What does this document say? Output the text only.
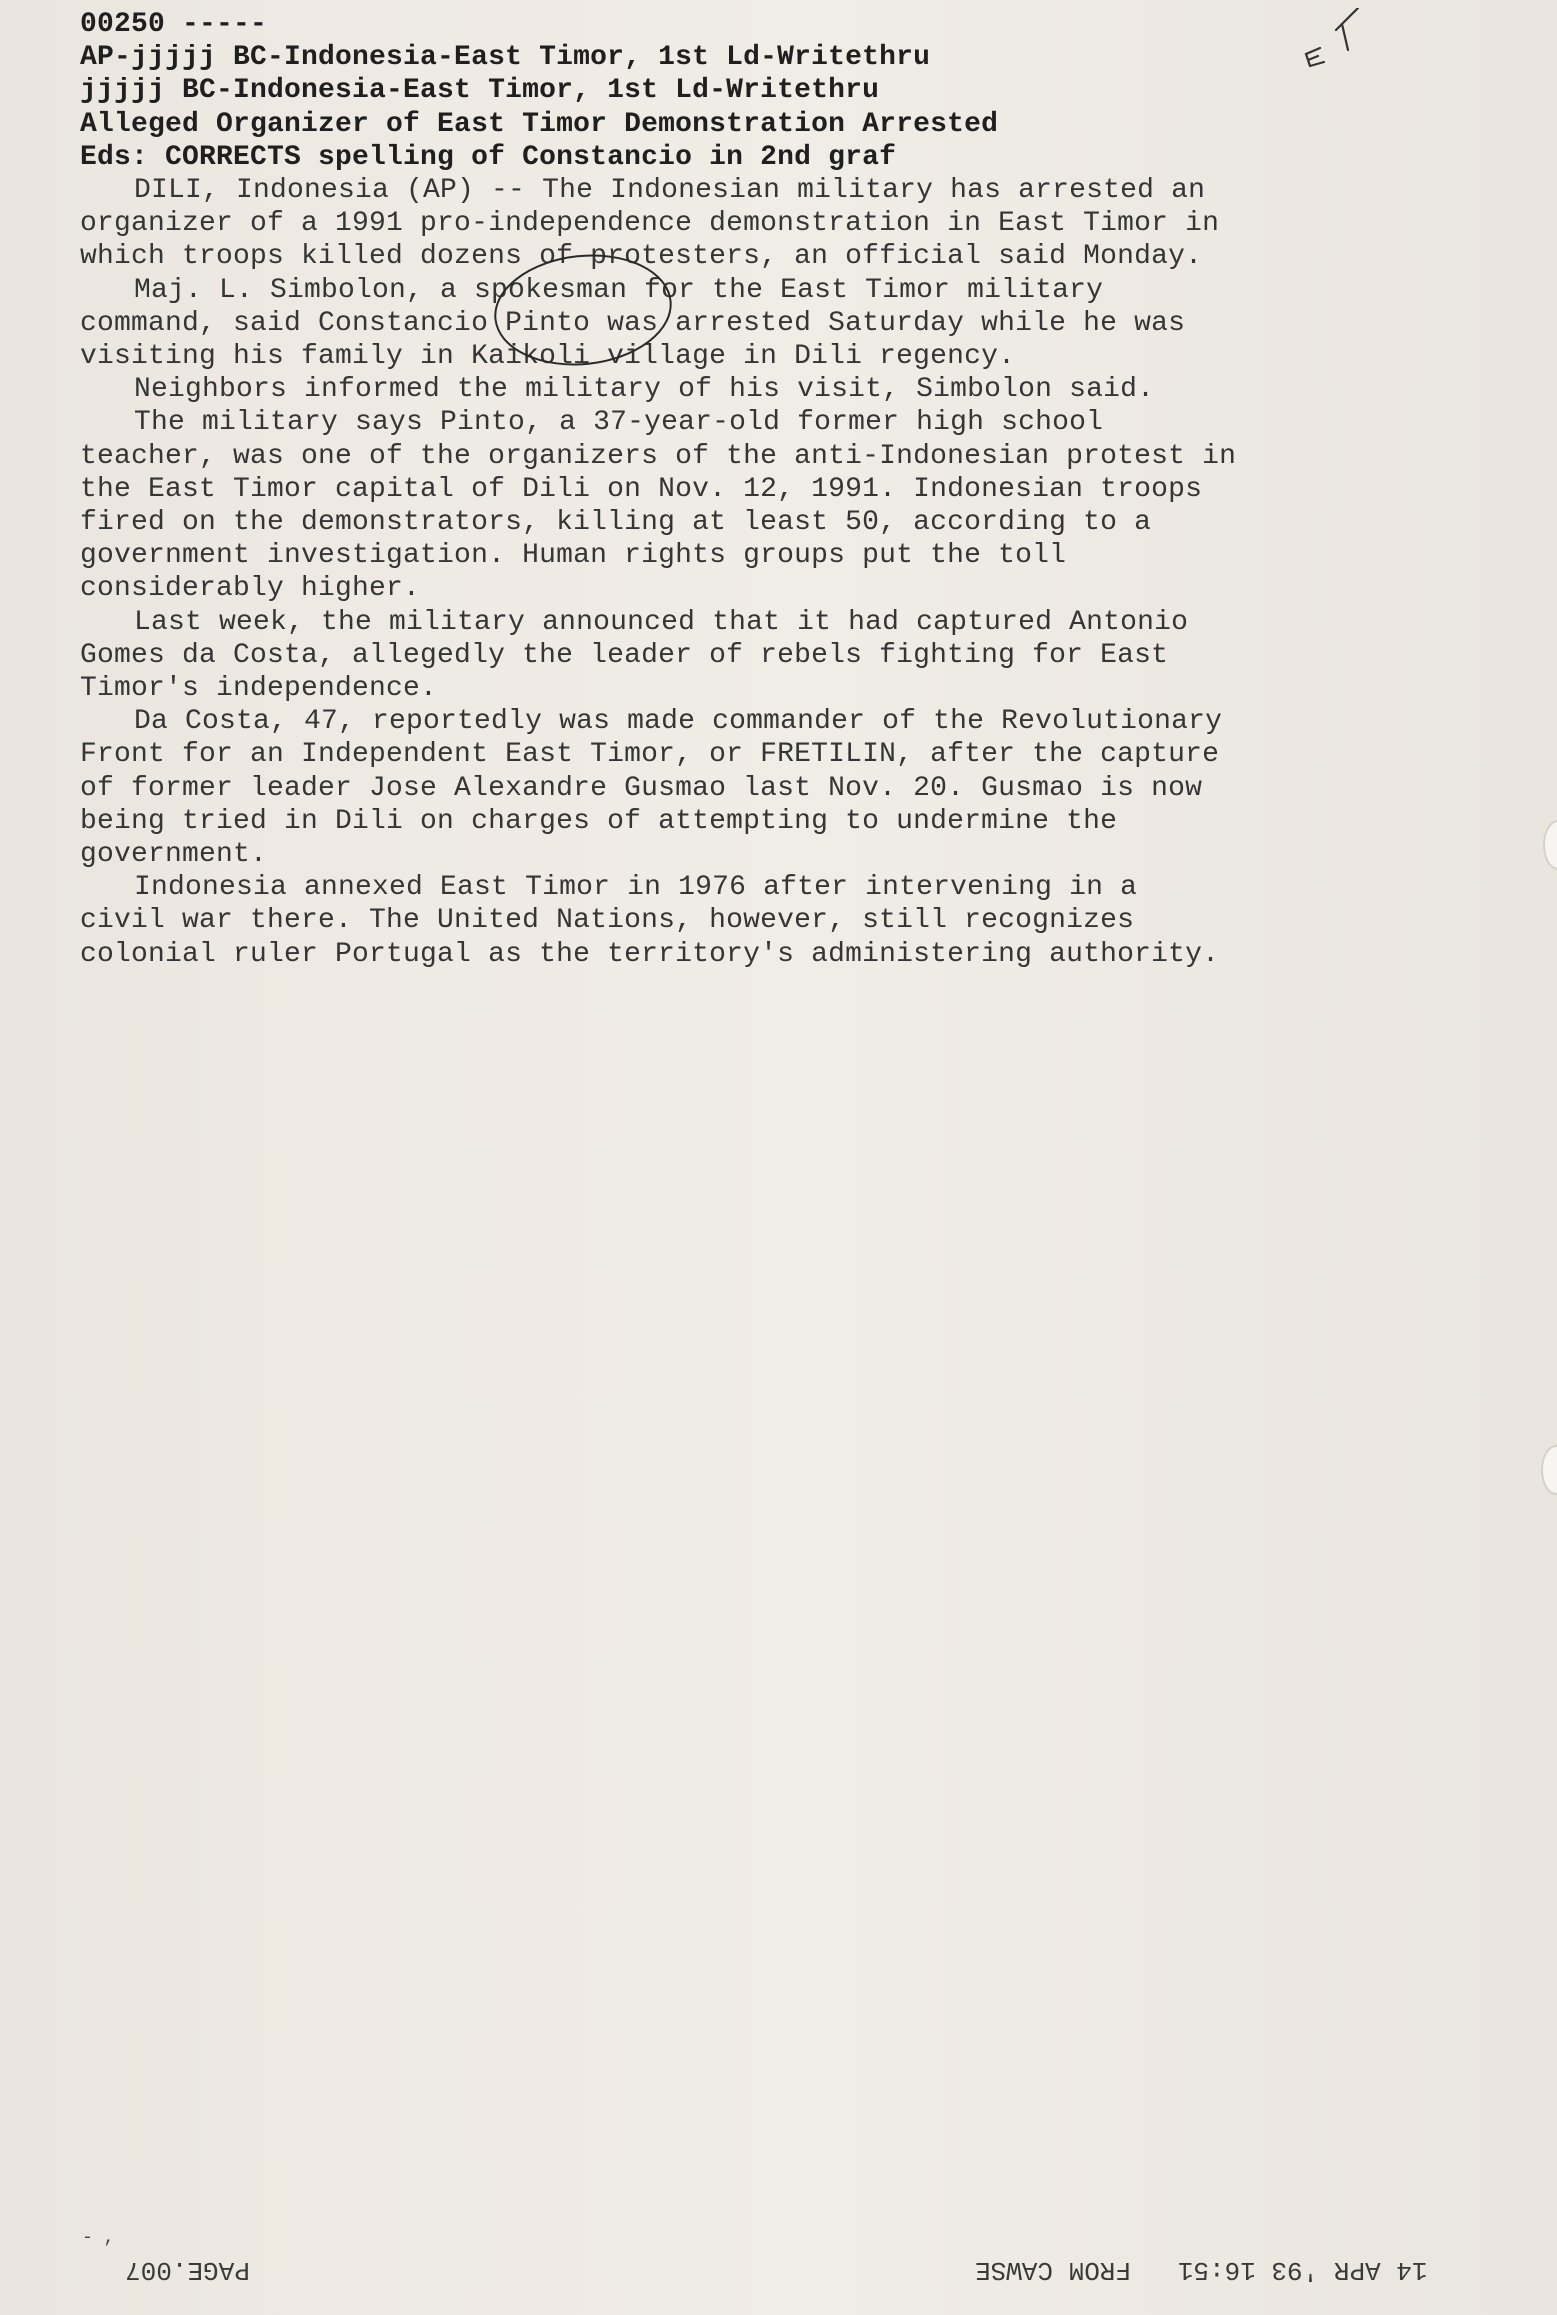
00250 -----
AP-jjjjj BC-Indonesia-East Timor, 1st Ld-Writethru
jjjjj BC-Indonesia-East Timor, 1st Ld-Writethru
Alleged Organizer of East Timor Demonstration Arrested
Eds: CORRECTS spelling of Constancio in 2nd graf
DILI, Indonesia (AP) -- The Indonesian military has arrested an
organizer of a 1991 pro-independence demonstration in East Timor in
which troops killed dozens of protesters, an official said Monday.
Maj. L. Simbolon, a spokesman for the East Timor military
command, said Constancio Pinto was arrested Saturday while he was
visiting his family in Kaikoli village in Dili regency.
Neighbors informed the military of his visit, Simbolon said.
The military says Pinto, a 37-year-old former high school
teacher, was one of the organizers of the anti-Indonesian protest in
the East Timor capital of Dili on Nov. 12, 1991. Indonesian troops
fired on the demonstrators, killing at least 50, according to a
government investigation. Human rights groups put the toll
considerably higher.
Last week, the military announced that it had captured Antonio
Gomes da Costa, allegedly the leader of rebels fighting for East
Timor's independence.
Da Costa, 47, reportedly was made commander of the Revolutionary
Front for an Independent East Timor, or FRETILIN, after the capture
of former leader Jose Alexandre Gusmao last Nov. 20. Gusmao is now
being tried in Dili on charges of attempting to undermine the
government.
Indonesia annexed East Timor in 1976 after intervening in a
civil war there. The United Nations, however, still recognizes
colonial ruler Portugal as the territory's administering authority.
- ,
PAGE.007	14 APR '93 16:51   FROM CAWSE
